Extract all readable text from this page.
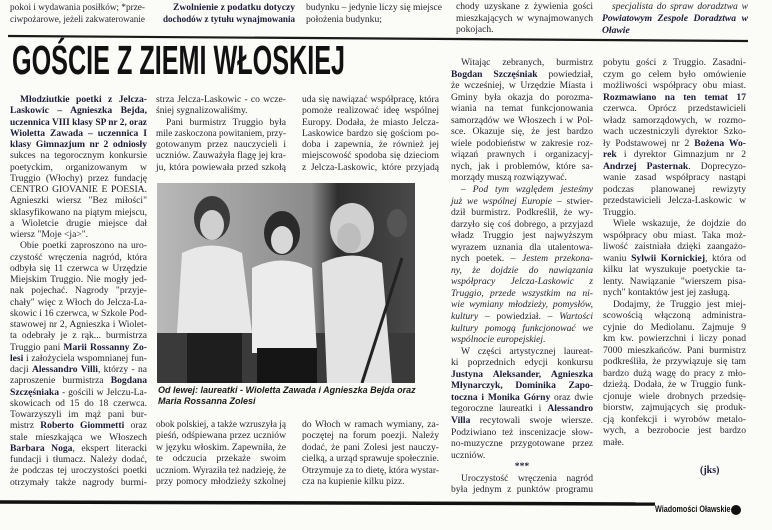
pokoi i wydawania posiłków; *prze-
ciwpożarowe, jeżeli zakwaterowanie
Zwolnienie z podatku dotyczy
dochodów z tytułu wynajmowania
budynku – jedynie liczy się miejsce
położenia budynku;
chody uzyskane z żywienia gości
mieszkających w wynajmowanych
pokojach.
specjalista do spraw doradztwa w
Powiatowym Zespole Doradztwa w
Oławie
GOŚCIE Z ZIEMI WŁOSKIEJ
Młodziutkie poetki z Jelcza-
Laskowic – Agnieszka Bejda,
uczennica VIII klasy SP nr 2, oraz
Wioletta Zawada – uczennica I
klasy Gimnazjum nr 2 odniosły
sukces na tegorocznym konkursie
poetyckim, organizowanym w
Truggio (Włochy) przez fundację
CENTRO GIOVANIE E POESIA.
Agnieszki wiersz "Bez miłości"
sklasyfikowano na piątym miejscu,
a Wioletcie drugie miejsce dał
wiersz "Moje <ja>".
Obie poetki zaproszono na uro-
czystość wręczenia nagród, która
odbyła się 11 czerwca w Urzędzie
Miejskim Truggio. Nie mogły jed-
nak pojechać. Nagrody "przyje-
chały" więc z Włoch do Jelcza-La-
skowic i 16 czerwca, w Szkole Pod-
stawowej nr 2, Agnieszka i Wiolet-
ta odebrały je z rąk... burmistrza
Truggio pani Marii Rossanny Zo-
lesi i założyciela wspomnianej fun-
dacji Alessandro Villi, którzy - na
zaproszenie burmistrza Bogdana
Szczęśniaka - gościli w Jelczu-La-
skowicach od 15 do 18 czerwca.
Towarzyszyli im mąż pani bur-
mistrz Roberto Giommetti oraz
stale mieszkająca we Włoszech
Barbara Noga, ekspert literacki
fundacji i tłumacz. Należy dodać,
że podczas tej uroczystości poetki
otrzymały także nagrody burmi-
strza Jelcza-Laskowic - co wcze-
śniej sygnalizowaliśmy.
Pani burmistrz Truggio była
mile zaskoczona powitaniem, przy-
gotowanym przez nauczycieli i
uczniów. Zauważyła flagę jej kra-
ju, która powiewała przed szkołą
uda się nawiązać współpracę, która
pomoże realizować ideę wspólnej
Europy. Dodała, że miasto Jelcza-
Laskowice bardzo się gościom po-
doba i zapewnia, że również jej
miejscowość spodoba się dzieciom
z Jelcza-Laskowic, które przyjadą
Od lewej: laureatki - Wioletta Zawada i Agnieszka Bejda oraz
Maria Rossanna Zolesi
obok polskiej, a także wzruszyła ją
pieśń, odśpiewana przez uczniów
w języku włoskim. Zapewniła, że
te odczucia przekaże swoim
uczniom. Wyraziła też nadzieję, że
przy pomocy młodzieży szkolnej
do Włoch w ramach wymiany, za-
poczętej na forum poezji. Należy
dodać, że pani Zolesi jest nauczy-
cielką, a urząd sprawuje społecznie.
Otrzymuje za to dietę, która wystar-
cza na kupienie kilku pizz.
Witając zebranych, burmistrz
Bogdan Szczęśniak powiedział,
że wcześniej, w Urzędzie Miasta i
Gminy była okazja do porozma-
wiania na temat funkcjonowania
samorządów we Włoszech i w Pol-
sce. Okazuje się, że jest bardzo
wiele podobieństw w zakresie roz-
wiązań prawnych i organizacyj-
nych, jak i problemów, które sa-
morządy muszą rozwiązywać.
– Pod tym względem jesteśmy
już we wspólnej Europie – stwier-
dził burmistrz. Podkreślił, że wy-
darzyło się coś dobrego, a przyjazd
władz Truggio jest najwyższym
wyrazem uznania dla utalentowa-
nych poetek. – Jestem przekona-
ny, że dojdzie do nawiązania
współpracy Jelcza-Laskowic z
Truggio, przede wszystkim na ni-
wie wymiany młodzieży, pomysłów,
kultury – powiedział. – Wartości
kultury pomogą funkcjonować we
wspólnocie europejskiej.
W części artystycznej laureat-
ki poprzednich edycji konkursu
Justyna Aleksander, Agnieszka
Młynarczyk, Dominika Zapo-
toczna i Monika Górny oraz dwie
tegoroczne laureatki i Alessandro
Villa recytowali swoje wiersze.
Podziwiano też inscenizacje słow-
no-muzyczne przygotowane przez
uczniów.
***
Uroczystość wręczenia nagród
była jednym z punktów programu
pobytu gości z Truggio. Zasadni-
czym go celem było omówienie
możliwości współpracy obu miast.
Rozmawiano na ten temat 17
czerwca. Oprócz przedstawicieli
władz samorządowych, w rozmo-
wach uczestniczyli dyrektor Szko-
ły Podstawowej nr 2 Bożena Wo-
rek i dyrektor Gimnazjum nr 2
Andrzej Pasternak. Doprecyzo-
wanie zasad współpracy nastąpi
podczas planowanej rewizyty
przedstawicieli Jelcza-Laskowic w
Truggio.
Wiele wskazuje, że dojdzie do
współpracy obu miast. Taka moż-
liwość zaistniała dzięki zaangażo-
waniu Sylwii Kornickiej, która od
kilku lat wyszukuje poetyckie ta-
lenty. Nawiązanie "wierszem pisa-
nych" kontaktów jest jej zasługą.
Dodajmy, że Truggio jest miej-
scowością włączoną administra-
cyjnie do Mediolanu. Zajmuje 9
km kw. powierzchni i liczy ponad
7000 mieszkańców. Pani burmistrz
podkreśliła, że przywiązuje się tam
bardzo dużą wagę do pracy z mło-
dzieżą. Dodała, że w Truggio funk-
cjonuje wiele drobnych przedsię-
biorstw, zajmujących się produk-
cją konfekcji i wyrobów metalo-
wych, a bezrobocie jest bardzo
małe.
(jks)
Wiadomości Oławskie
